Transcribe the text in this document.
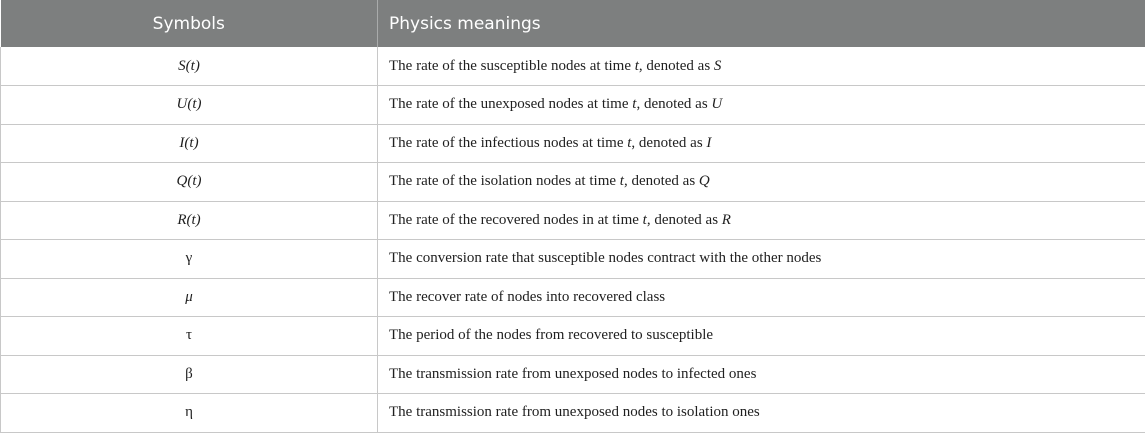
Symbols	Physics meanings
S(t)	The rate of the susceptible nodes at time t, denoted as S
U(t)	The rate of the unexposed nodes at time t, denoted as U
I(t)	The rate of the infectious nodes at time t, denoted as I
Q(t)	The rate of the isolation nodes at time t, denoted as Q
R(t)	The rate of the recovered nodes in at time t, denoted as R
γ	The conversion rate that susceptible nodes contract with the other nodes
μ	The recover rate of nodes into recovered class
τ	The period of the nodes from recovered to susceptible
β	The transmission rate from unexposed nodes to infected ones
η	The transmission rate from unexposed nodes to isolation ones
